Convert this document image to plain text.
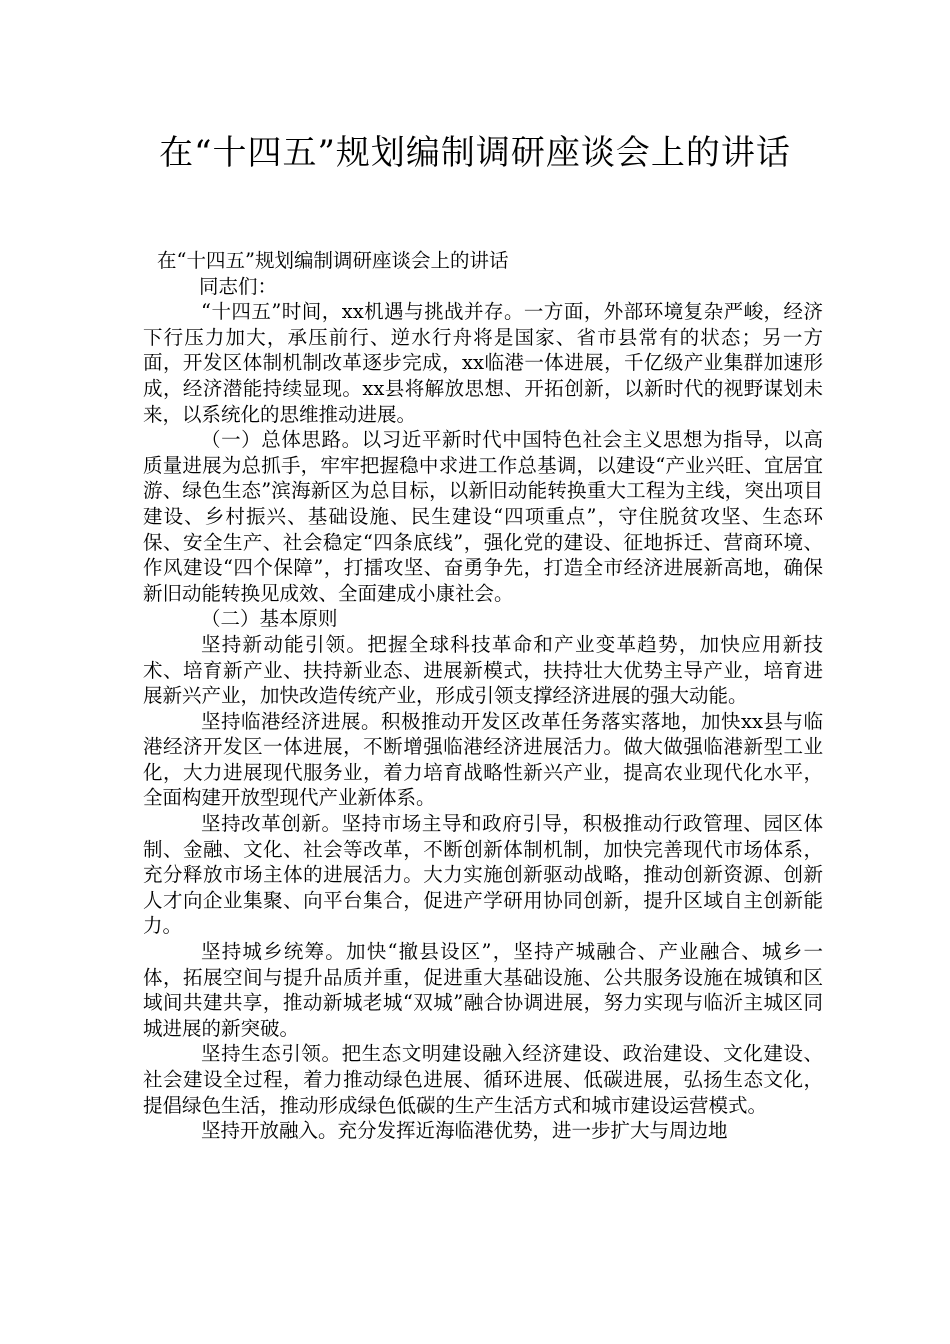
在“十四五”规划编制调研座谈会上的讲话

在“十四五”规划编制调研座谈会上的讲话

同志们：

“十四五”时间，xx机遇与挑战并存。一方面，外部环境复杂严峻，经济下行压力加大，承压前行、逆水行舟将是国家、省市县常有的状态；另一方面，开发区体制机制改革逐步完成，xx临港一体进展，千亿级产业集群加速形成，经济潜能持续显现。xx县将解放思想、开拓创新，以新时代的视野谋划未来，以系统化的思维推动进展。

（一）总体思路。以习近平新时代中国特色社会主义思想为指导，以高质量进展为总抓手，牢牢把握稳中求进工作总基调，以建设“产业兴旺、宜居宜游、绿色生态”滨海新区为总目标，以新旧动能转换重大工程为主线，突出项目建设、乡村振兴、基础设施、民生建设“四项重点”，守住脱贫攻坚、生态环保、安全生产、社会稳定“四条底线”，强化党的建设、征地拆迁、营商环境、作风建设“四个保障”，打擂攻坚、奋勇争先，打造全市经济进展新高地，确保新旧动能转换见成效、全面建成小康社会。

（二）基本原则

坚持新动能引领。把握全球科技革命和产业变革趋势，加快应用新技术、培育新产业、扶持新业态、进展新模式，扶持壮大优势主导产业，培育进展新兴产业，加快改造传统产业，形成引领支撑经济进展的强大动能。

坚持临港经济进展。积极推动开发区改革任务落实落地，加快xx县与临港经济开发区一体进展，不断增强临港经济进展活力。做大做强临港新型工业化，大力进展现代服务业，着力培育战略性新兴产业，提高农业现代化水平，全面构建开放型现代产业新体系。

坚持改革创新。坚持市场主导和政府引导，积极推动行政管理、园区体制、金融、文化、社会等改革，不断创新体制机制，加快完善现代市场体系，充分释放市场主体的进展活力。大力实施创新驱动战略，推动创新资源、创新人才向企业集聚、向平台集合，促进产学研用协同创新，提升区域自主创新能力。

坚持城乡统筹。加快“撤县设区”，坚持产城融合、产业融合、城乡一体，拓展空间与提升品质并重，促进重大基础设施、公共服务设施在城镇和区域间共建共享，推动新城老城“双城”融合协调进展，努力实现与临沂主城区同城进展的新突破。

坚持生态引领。把生态文明建设融入经济建设、政治建设、文化建设、社会建设全过程，着力推动绿色进展、循环进展、低碳进展，弘扬生态文化，提倡绿色生活，推动形成绿色低碳的生产生活方式和城市建设运营模式。

坚持开放融入。充分发挥近海临港优势，进一步扩大与周边地
